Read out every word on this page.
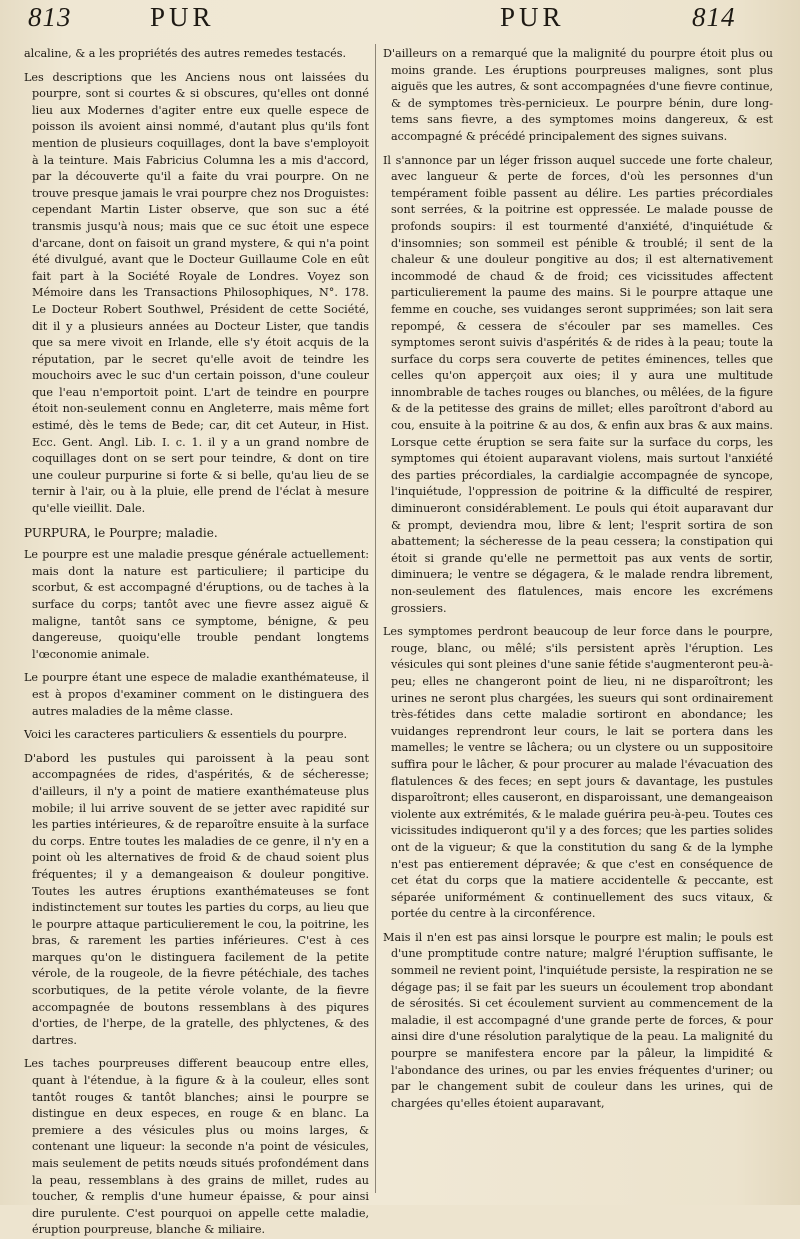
813	PUR	PUR	814

alcaline, & a les propriétés des autres remedes testacés.

Les descriptions que les Anciens nous ont laissées du pourpre, sont si courtes & si obscures, qu'elles ont donné lieu aux Modernes d'agiter entre eux quelle espece de poisson ils avoient ainsi nommé, d'autant plus qu'ils font mention de plusieurs coquillages, dont la bave s'employoit à la teinture. Mais Fabricius Columna les a mis d'accord, par la découverte qu'il a faite du vrai pourpre. On ne trouve presque jamais le vrai pourpre chez nos Droguistes: cependant Martin Lister observe, que son suc a été transmis jusqu'à nous; mais que ce suc étoit une espece d'arcane, dont on faisoit un grand mystere, & qui n'a point été divulgué, avant que le Docteur Guillaume Cole en eût fait part à la Société Royale de Londres. Voyez son Mémoire dans les Transactions Philosophiques, N°. 178. Le Docteur Robert Southwel, Président de cette Société, dit il y a plusieurs années au Docteur Lister, que tandis que sa mere vivoit en Irlande, elle s'y étoit acquis de la réputation, par le secret qu'elle avoit de teindre les mouchoirs avec le suc d'un certain poisson, d'une couleur que l'eau n'emportoit point. L'art de teindre en pourpre étoit non-seulement connu en Angleterre, mais même fort estimé, dès le tems de Bede; car, dit cet Auteur, in Hist. Ecc. Gent. Angl. Lib. I. c. 1. il y a un grand nombre de coquillages dont on se sert pour teindre, & dont on tire une couleur purpurine si forte & si belle, qu'au lieu de se ternir à l'air, ou à la pluie, elle prend de l'éclat à mesure qu'elle vieillit. Dale.

PURPURA, le Pourpre; maladie.

Le pourpre est une maladie presque générale actuellement: mais dont la nature est particuliere; il participe du scorbut, & est accompagné d'éruptions, ou de taches à la surface du corps; tantôt avec une fievre assez aiguë & maligne, tantôt sans ce symptome, bénigne, & peu dangereuse, quoiqu'elle trouble pendant longtems l'œconomie animale.

Le pourpre étant une espece de maladie exanthémateuse, il est à propos d'examiner comment on le distinguera des autres maladies de la même classe.

Voici les caracteres particuliers & essentiels du pourpre.

D'abord les pustules qui paroissent à la peau sont accompagnées de rides, d'aspérités, & de sécheresse; d'ailleurs, il n'y a point de matiere exanthémateuse plus mobile; il lui arrive souvent de se jetter avec rapidité sur les parties intérieures, & de reparoître ensuite à la surface du corps. Entre toutes les maladies de ce genre, il n'y en a point où les alternatives de froid & de chaud soient plus fréquentes; il y a demangeaison & douleur pongitive. Toutes les autres éruptions exanthémateuses se font indistinctement sur toutes les parties du corps, au lieu que le pourpre attaque particulierement le cou, la poitrine, les bras, & rarement les parties inférieures. C'est à ces marques qu'on le distinguera facilement de la petite vérole, de la rougeole, de la fievre pétéchiale, des taches scorbutiques, de la petite vérole volante, de la fievre accompagnée de boutons ressemblans à des piqures d'orties, de l'herpe, de la gratelle, des phlyctenes, & des dartres.

Les taches pourpreuses different beaucoup entre elles, quant à l'étendue, à la figure & à la couleur, elles sont tantôt rouges & tantôt blanches; ainsi le pourpre se distingue en deux especes, en rouge & en blanc. La premiere a des vésicules plus ou moins larges, & contenant une liqueur: la seconde n'a point de vésicules, mais seulement de petits nœuds situés profondément dans la peau, ressemblans à des grains de millet, rudes au toucher, & remplis d'une humeur épaisse, & pour ainsi dire purulente. C'est pourquoi on appelle cette maladie, éruption pourpreuse, blanche & miliaire.

D'ailleurs on a remarqué que la malignité du pourpre étoit plus ou moins grande. Les éruptions pourpreuses malignes, sont plus aiguës que les autres, & sont accompagnées d'une fievre continue, & de symptomes très-pernicieux. Le pourpre bénin, dure long-tems sans fievre, a des symptomes moins dangereux, & est accompagné & précédé principalement des signes suivans.

Il s'annonce par un léger frisson auquel succede une forte chaleur, avec langueur & perte de forces, d'où les personnes d'un tempérament foible passent au délire. Les parties précordiales sont serrées, & la poitrine est oppressée. Le malade pousse de profonds soupirs: il est tourmenté d'anxiété, d'inquiétude & d'insomnies; son sommeil est pénible & troublé; il sent de la chaleur & une douleur pongitive au dos; il est alternativement incommodé de chaud & de froid; ces vicissitudes affectent particulierement la paume des mains. Si le pourpre attaque une femme en couche, ses vuidanges seront supprimées; son lait sera repompé, & cessera de s'écouler par ses mamelles. Ces symptomes seront suivis d'aspérités & de rides à la peau; toute la surface du corps sera couverte de petites éminences, telles que celles qu'on apperçoit aux oies; il y aura une multitude innombrable de taches rouges ou blanches, ou mêlées, de la figure & de la petitesse des grains de millet; elles paroîtront d'abord au cou, ensuite à la poitrine & au dos, & enfin aux bras & aux mains. Lorsque cette éruption se sera faite sur la surface du corps, les symptomes qui étoient auparavant violens, mais surtout l'anxiété des parties précordiales, la cardialgie accompagnée de syncope, l'inquiétude, l'oppression de poitrine & la difficulté de respirer, diminueront considérablement. Le pouls qui étoit auparavant dur & prompt, deviendra mou, libre & lent; l'esprit sortira de son abattement; la sécheresse de la peau cessera; la constipation qui étoit si grande qu'elle ne permettoit pas aux vents de sortir, diminuera; le ventre se dégagera, & le malade rendra librement, non-seulement des flatulences, mais encore les excrémens grossiers.

Les symptomes perdront beaucoup de leur force dans le pourpre, rouge, blanc, ou mêlé; s'ils persistent après l'éruption. Les vésicules qui sont pleines d'une sanie fétide s'augmenteront peu-à-peu; elles ne changeront point de lieu, ni ne disparoîtront; les urines ne seront plus chargées, les sueurs qui sont ordinairement très-fétides dans cette maladie sortiront en abondance; les vuidanges reprendront leur cours, le lait se portera dans les mamelles; le ventre se lâchera; ou un clystere ou un suppositoire suffira pour le lâcher, & pour procurer au malade l'évacuation des flatulences & des feces; en sept jours & davantage, les pustules disparoîtront; elles causeront, en disparoissant, une demangeaison violente aux extrémités, & le malade guérira peu-à-peu. Toutes ces vicissitudes indiqueront qu'il y a des forces; que les parties solides ont de la vigueur; & que la constitution du sang & de la lymphe n'est pas entierement dépravée; & que c'est en conséquence de cet état du corps que la matiere accidentelle & peccante, est séparée uniformément & continuellement des sucs vitaux, & portée du centre à la circonférence.

Mais il n'en est pas ainsi lorsque le pourpre est malin; le pouls est d'une promptitude contre nature; malgré l'éruption suffisante, le sommeil ne revient point, l'inquiétude persiste, la respiration ne se dégage pas; il se fait par les sueurs un écoulement trop abondant de sérosités. Si cet écoulement survient au commencement de la maladie, il est accompagné d'une grande perte de forces, & pour ainsi dire d'une résolution paralytique de la peau. La malignité du pourpre se manifestera encore par la pâleur, la limpidité & l'abondance des urines, ou par les envies fréquentes d'uriner; ou par le changement subit de couleur dans les urines, qui de chargées qu'elles étoient auparavant,
